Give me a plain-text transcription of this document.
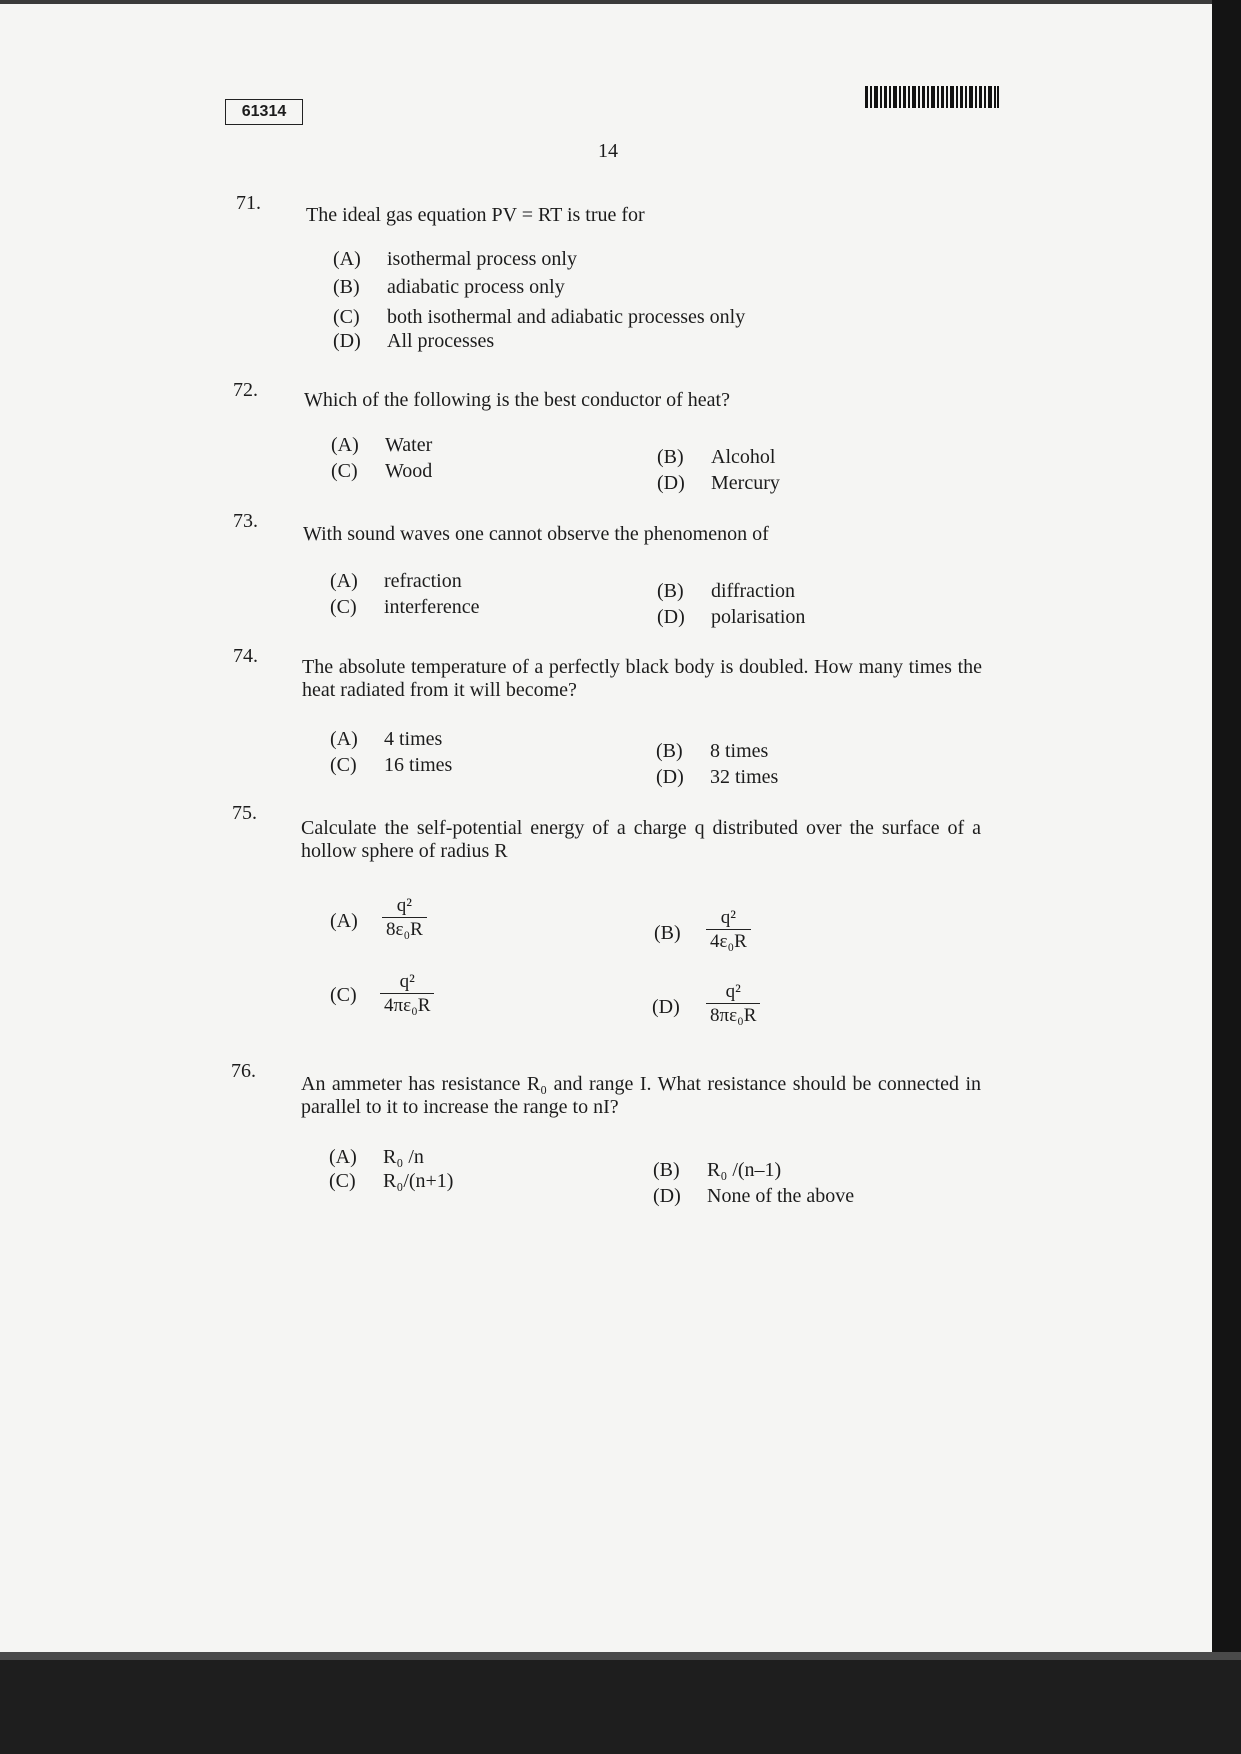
61314
14
71.
The ideal gas equation PV = RT is true for
(A) isothermal process only
(B) adiabatic process only
(C) both isothermal and adiabatic processes only
(D) All processes
72. Which of the following is the best conductor of heat?
(A) Water
(B) Alcohol
(C) Wood
(D) Mercury
73.
With sound waves one cannot observe the phenomenon of
(A) refraction	(B) diffraction
(C) interference	(D) polarisation
74. The absolute temperature of a perfectly black body is doubled. How many times the heat radiated from it will become?
(A) 4 times
(B) 8 times
(C) 16 times
(D) 32 times
75.
Calculate the self-potential energy of a charge q distributed over the surface of a hollow sphere of radius R
$(A) \frac{\text{q²}}{\text{8ε₀R}}$	$(B) \frac{\text{q²}}{\text{4ε₀R}}$
$(C) \frac{\text{q²}}{\text{4πε₀R}}$	$(D) \frac{\text{q²}}{\text{8πε₀R}}$
76.
An ammeter has resistance R₀ and range I. What resistance should be connected in parallel to it to increase the range to nI?
(A) R₀ /n
(B) R₀ /(n–1)
(C) R₀/(n+1)
(D) None of the above
